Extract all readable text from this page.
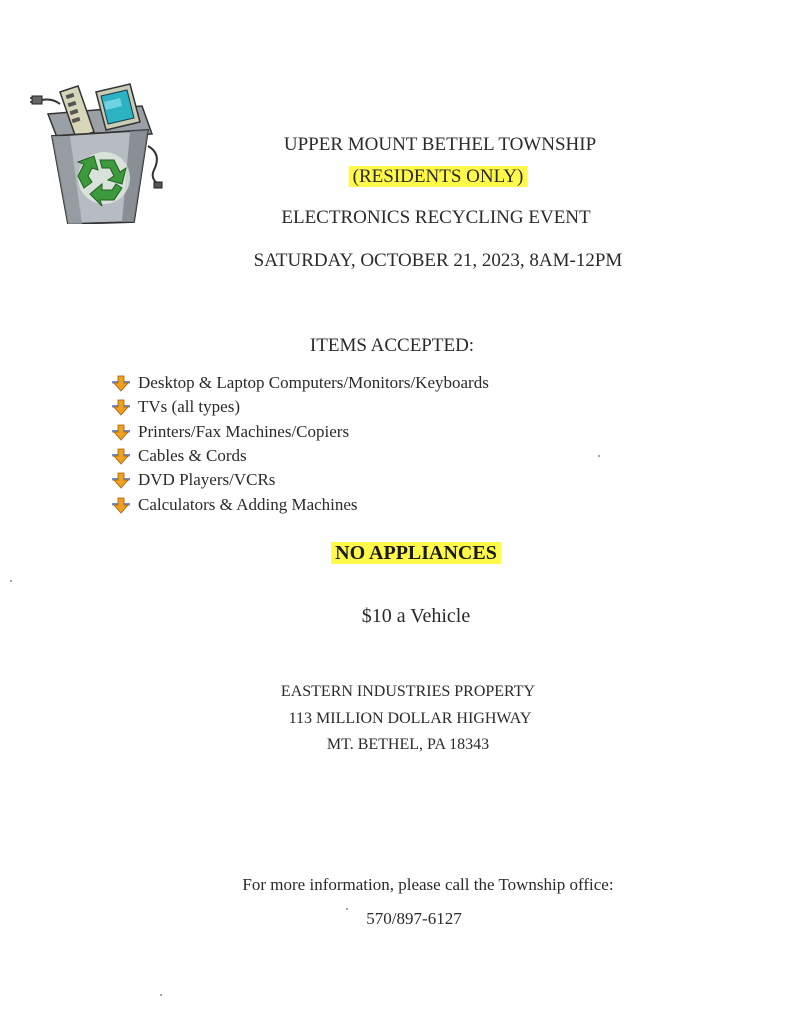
UPPER MOUNT BETHEL TOWNSHIP
(RESIDENTS ONLY)
ELECTRONICS RECYCLING EVENT
SATURDAY, OCTOBER 21, 2023, 8AM-12PM
ITEMS ACCEPTED:
Desktop & Laptop Computers/Monitors/Keyboards
TVs (all types)
Printers/Fax Machines/Copiers
Cables & Cords
DVD Players/VCRs
Calculators & Adding Machines
NO APPLIANCES
$10 a Vehicle
EASTERN INDUSTRIES PROPERTY
113 MILLION DOLLAR HIGHWAY
MT. BETHEL, PA 18343
For more information, please call the Township office:
570/897-6127
